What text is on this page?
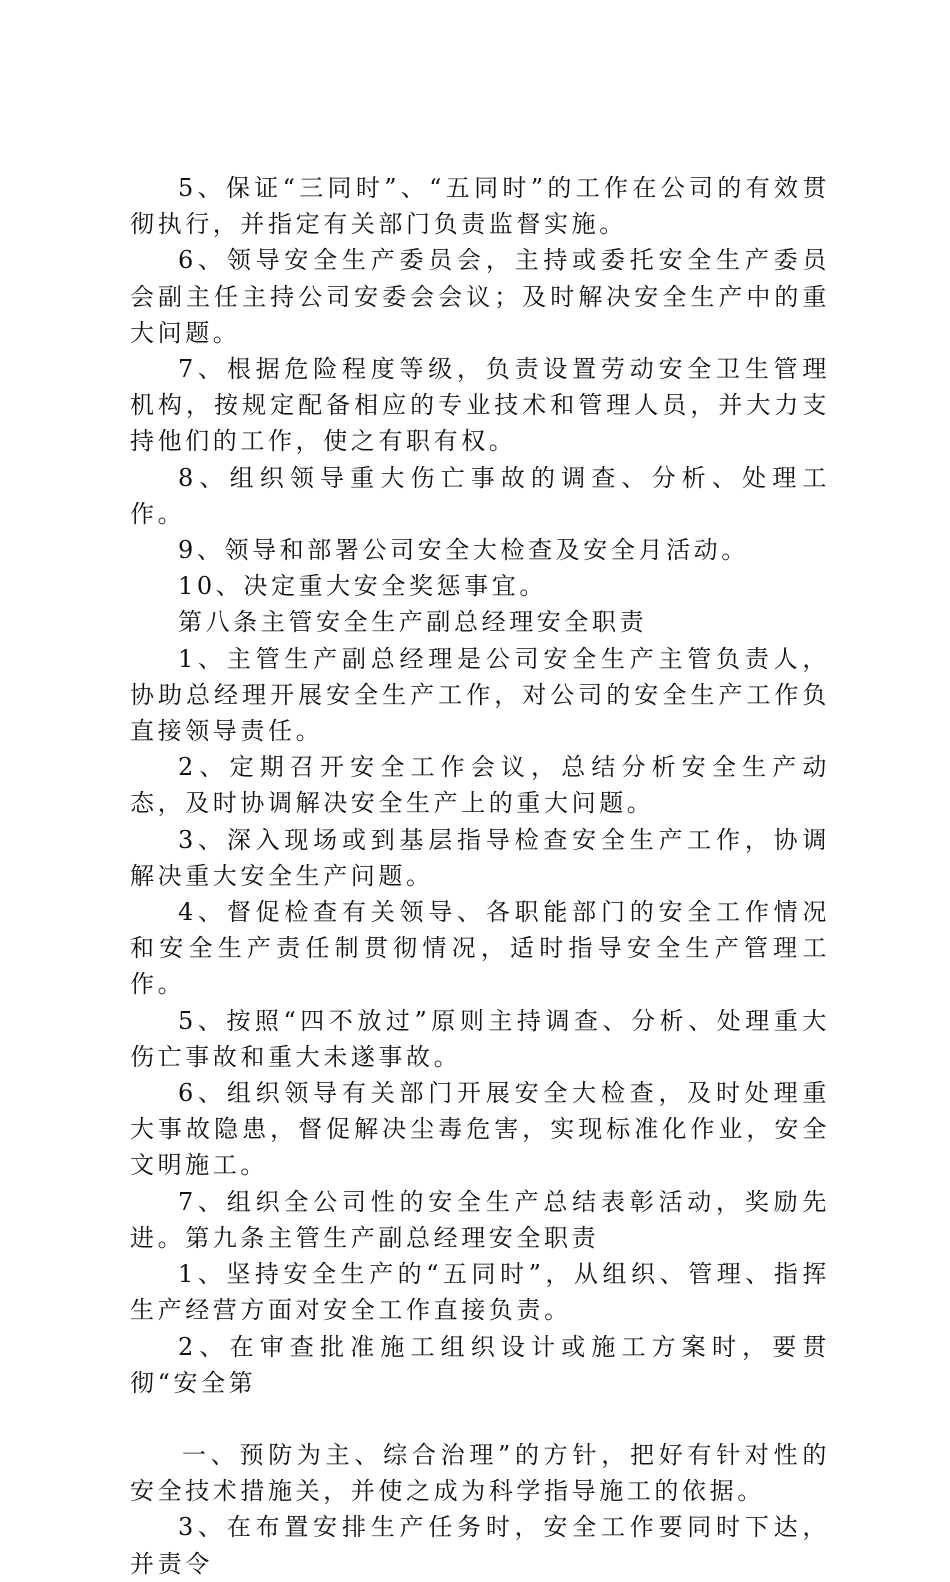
5、保证“三同时”、“五同时”的工作在公司的有效贯彻执行，并指定有关部门负责监督实施。

6、领导安全生产委员会，主持或委托安全生产委员会副主任主持公司安委会会议；及时解决安全生产中的重大问题。

7、根据危险程度等级，负责设置劳动安全卫生管理机构，按规定配备相应的专业技术和管理人员，并大力支持他们的工作，使之有职有权。

8、组织领导重大伤亡事故的调查、分析、处理工作。

9、领导和部署公司安全大检查及安全月活动。

10、决定重大安全奖惩事宜。

第八条主管安全生产副总经理安全职责

1、主管生产副总经理是公司安全生产主管负责人，协助总经理开展安全生产工作，对公司的安全生产工作负直接领导责任。

2、定期召开安全工作会议，总结分析安全生产动态，及时协调解决安全生产上的重大问题。

3、深入现场或到基层指导检查安全生产工作，协调解决重大安全生产问题。

4、督促检查有关领导、各职能部门的安全工作情况和安全生产责任制贯彻情况，适时指导安全生产管理工作。

5、按照“四不放过”原则主持调查、分析、处理重大伤亡事故和重大未遂事故。

6、组织领导有关部门开展安全大检查，及时处理重大事故隐患，督促解决尘毒危害，实现标准化作业，安全文明施工。

7、组织全公司性的安全生产总结表彰活动，奖励先进。第九条主管生产副总经理安全职责

1、坚持安全生产的“五同时”，从组织、管理、指挥生产经营方面对安全工作直接负责。

2、在审查批准施工组织设计或施工方案时，要贯彻“安全第

一、预防为主、综合治理”的方针，把好有针对性的安全技术措施关，并使之成为科学指导施工的依据。

3、在布置安排生产任务时，安全工作要同时下达，并责令
